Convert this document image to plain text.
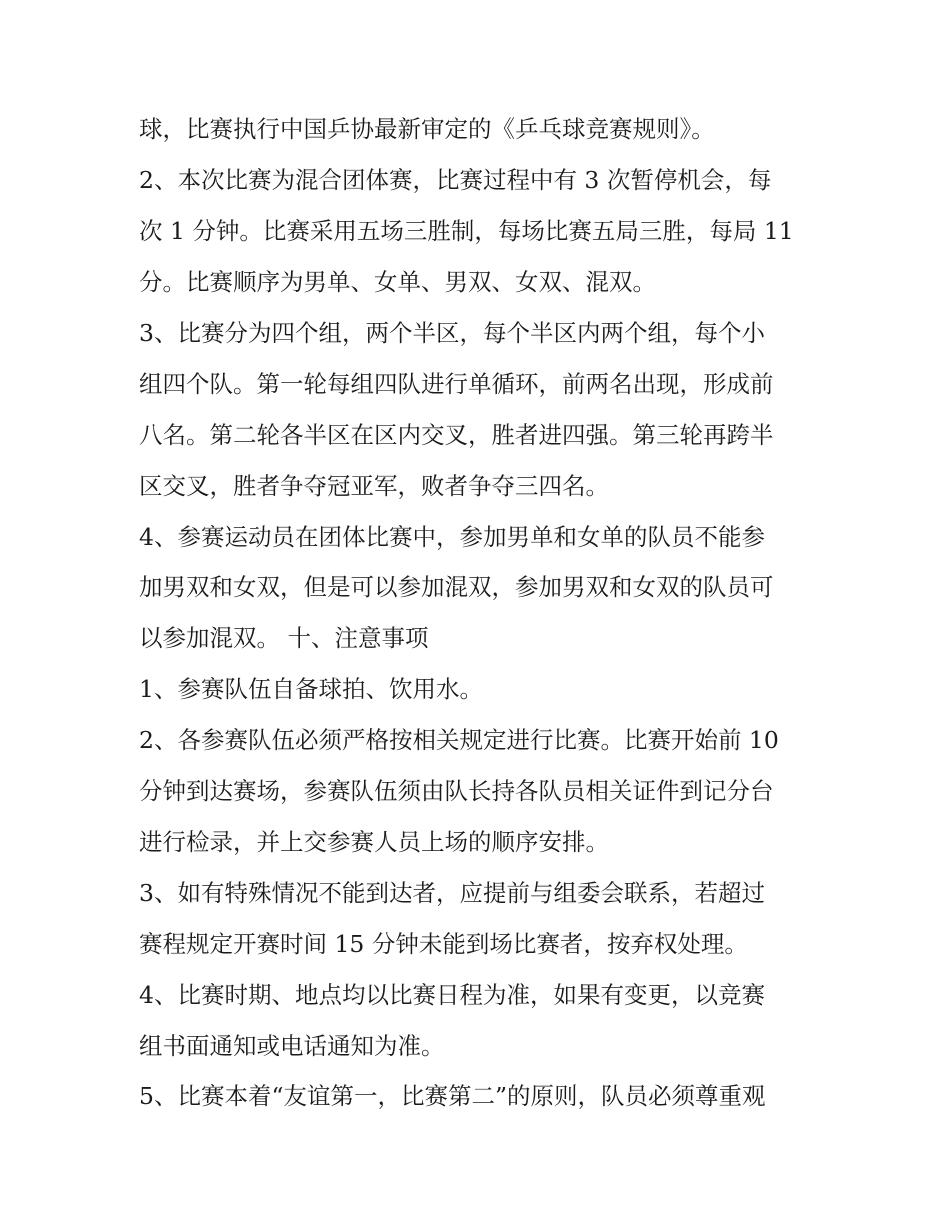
球，比赛执行中国乒协最新审定的《乒乓球竞赛规则》。
2、本次比赛为混合团体赛，比赛过程中有 3 次暂停机会，每
次 1 分钟。比赛采用五场三胜制，每场比赛五局三胜，每局 11
分。比赛顺序为男单、女单、男双、女双、混双。
3、比赛分为四个组，两个半区，每个半区内两个组，每个小
组四个队。第一轮每组四队进行单循环，前两名出现，形成前
八名。第二轮各半区在区内交叉，胜者进四强。第三轮再跨半
区交叉，胜者争夺冠亚军，败者争夺三四名。
4、参赛运动员在团体比赛中，参加男单和女单的队员不能参
加男双和女双，但是可以参加混双，参加男双和女双的队员可
以参加混双。 十、注意事项
1、参赛队伍自备球拍、饮用水。
2、各参赛队伍必须严格按相关规定进行比赛。比赛开始前 10
分钟到达赛场，参赛队伍须由队长持各队员相关证件到记分台
进行检录，并上交参赛人员上场的顺序安排。
3、如有特殊情况不能到达者，应提前与组委会联系，若超过
赛程规定开赛时间 15 分钟未能到场比赛者，按弃权处理。
4、比赛时期、地点均以比赛日程为准，如果有变更，以竞赛
组书面通知或电话通知为准。
5、比赛本着“友谊第一，比赛第二”的原则，队员必须尊重观
